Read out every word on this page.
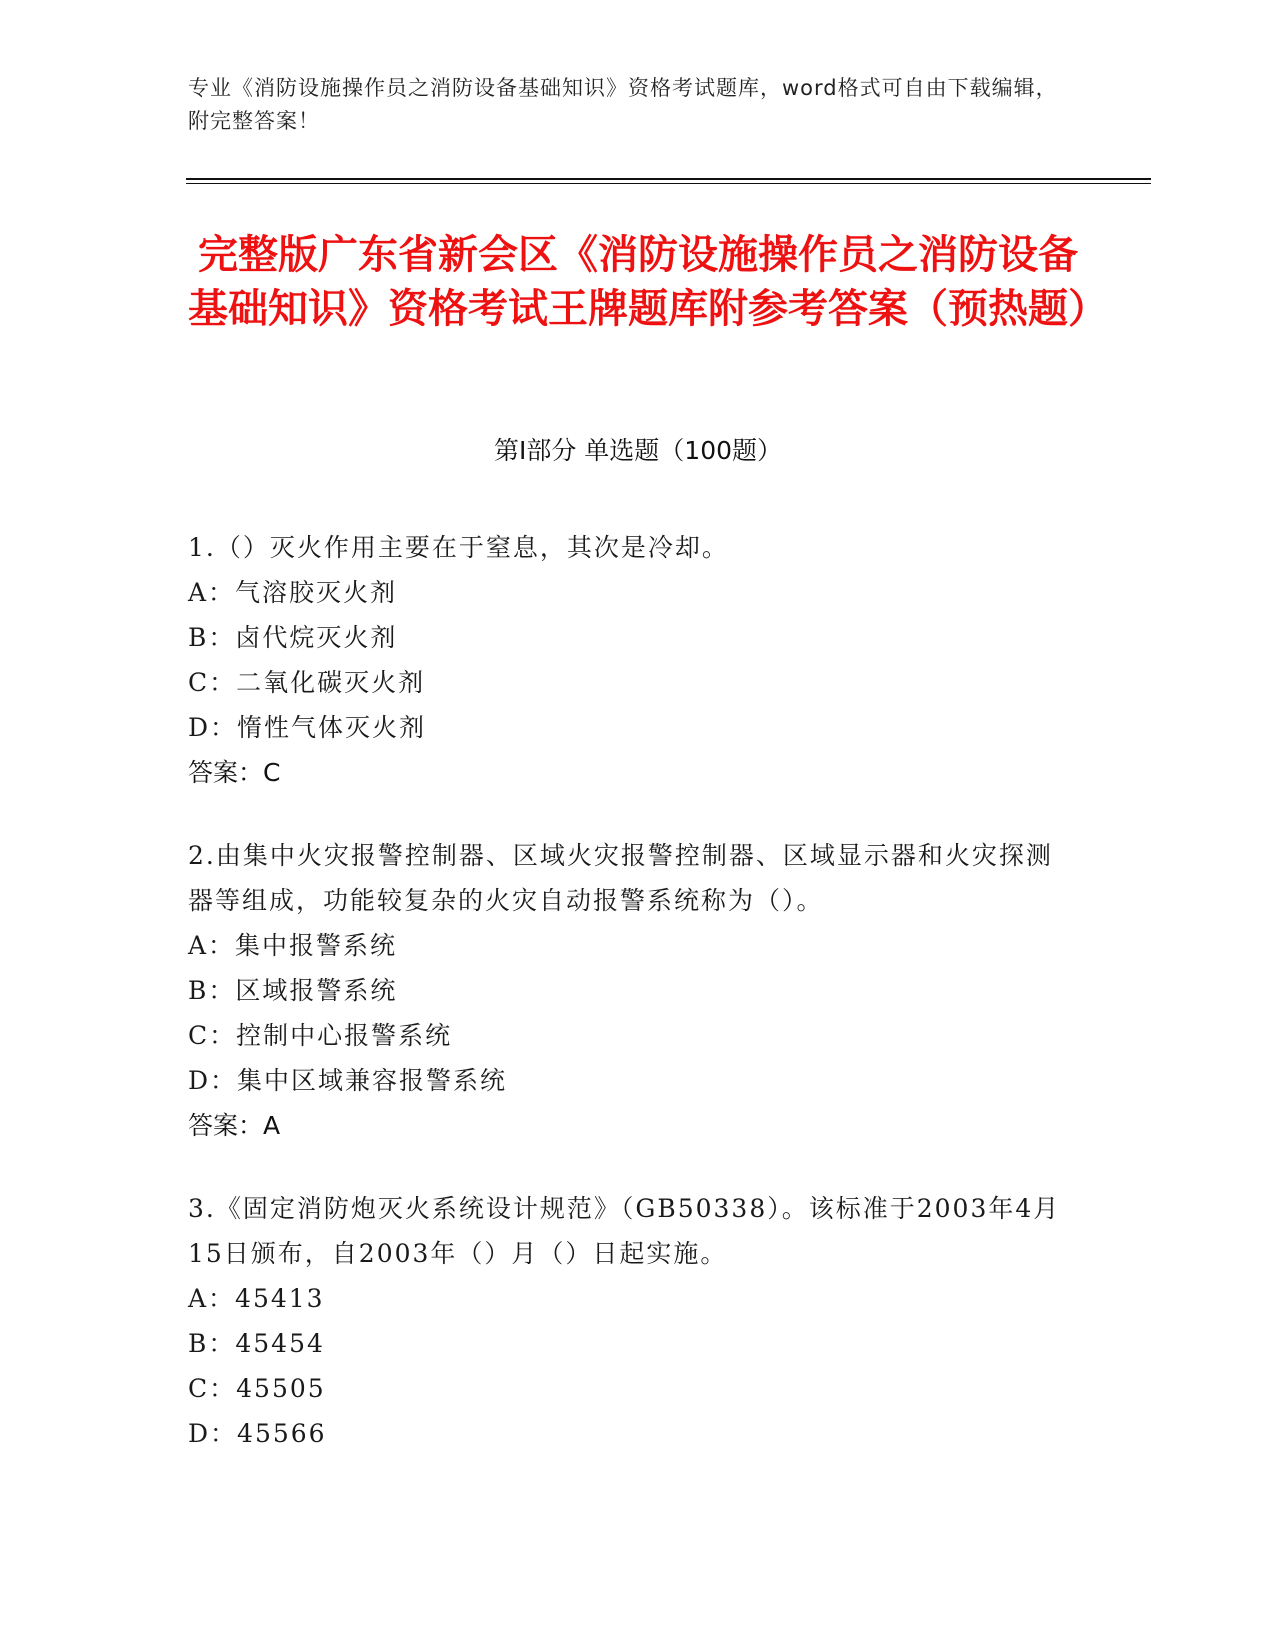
专业《消防设施操作员之消防设备基础知识》资格考试题库，word格式可自由下载编辑，附完整答案！
完整版广东省新会区《消防设施操作员之消防设备基础知识》资格考试王牌题库附参考答案（预热题）
第Ⅰ部分 单选题（100题）
1.（）灭火作用主要在于窒息，其次是冷却。
A：气溶胶灭火剂
B：卤代烷灭火剂
C：二氧化碳灭火剂
D：惰性气体灭火剂
答案：C
2.由集中火灾报警控制器、区域火灾报警控制器、区域显示器和火灾探测器等组成，功能较复杂的火灾自动报警系统称为（）。
A：集中报警系统
B：区域报警系统
C：控制中心报警系统
D：集中区域兼容报警系统
答案：A
3.《固定消防炮灭火系统设计规范》（GB50338）。该标准于2003年4月15日颁布，自2003年（）月（）日起实施。
A：45413
B：45454
C：45505
D：45566
